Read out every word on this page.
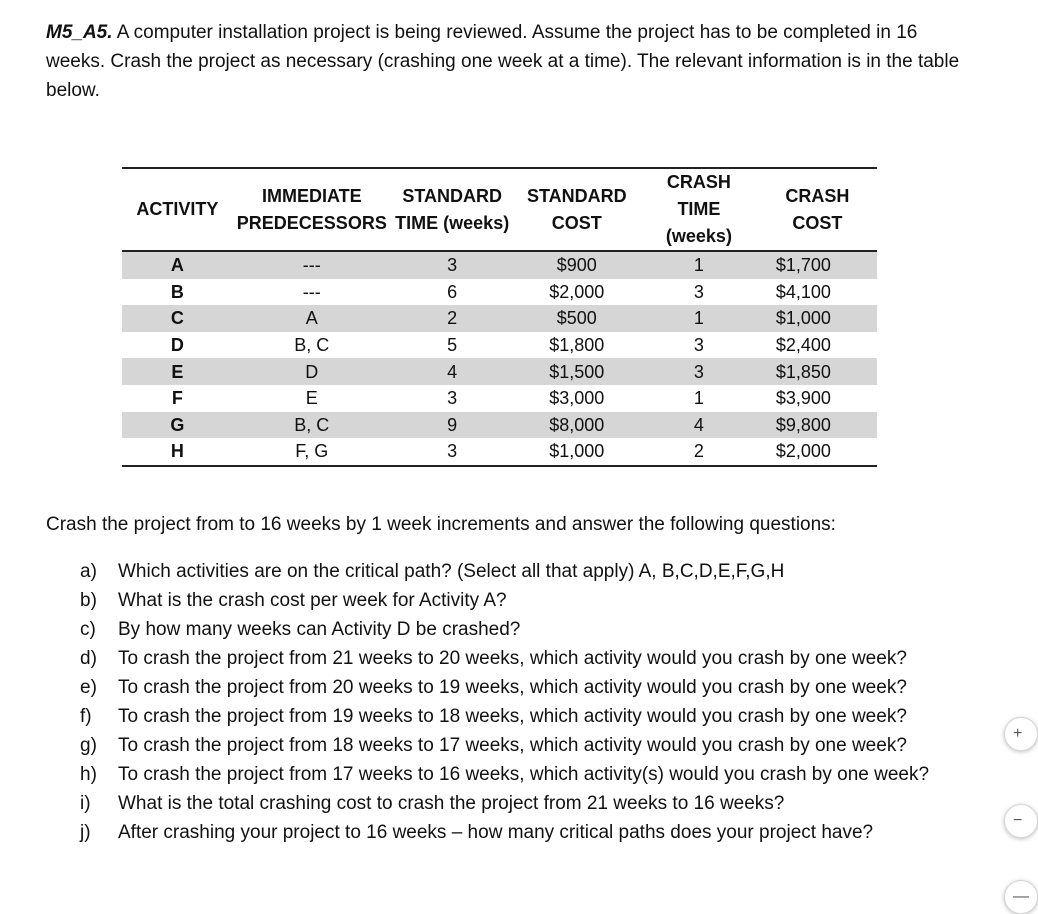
M5_A5. A computer installation project is being reviewed. Assume the project has to be completed in 16 weeks. Crash the project as necessary (crashing one week at a time). The relevant information is in the table below.
ACTIVITY	IMMEDIATE PREDECESSORS	STANDARD TIME (weeks)	STANDARD COST	CRASH TIME (weeks)	CRASH COST
A	---	3	$900	1	$1,700
B	---	6	$2,000	3	$4,100
C	A	2	$500	1	$1,000
D	B, C	5	$1,800	3	$2,400
E	D	4	$1,500	3	$1,850
F	E	3	$3,000	1	$3,900
G	B, C	9	$8,000	4	$9,800
H	F, G	3	$1,000	2	$2,000
Crash the project from to 16 weeks by 1 week increments and answer the following questions:
a) Which activities are on the critical path? (Select all that apply) A, B,C,D,E,F,G,H
b) What is the crash cost per week for Activity A?
c) By how many weeks can Activity D be crashed?
d) To crash the project from 21 weeks to 20 weeks, which activity would you crash by one week?
e) To crash the project from 20 weeks to 19 weeks, which activity would you crash by one week?
f) To crash the project from 19 weeks to 18 weeks, which activity would you crash by one week?
g) To crash the project from 18 weeks to 17 weeks, which activity would you crash by one week?
h) To crash the project from 17 weeks to 16 weeks, which activity(s) would you crash by one week?
i) What is the total crashing cost to crash the project from 21 weeks to 16 weeks?
j) After crashing your project to 16 weeks – how many critical paths does your project have?
+
−
—
